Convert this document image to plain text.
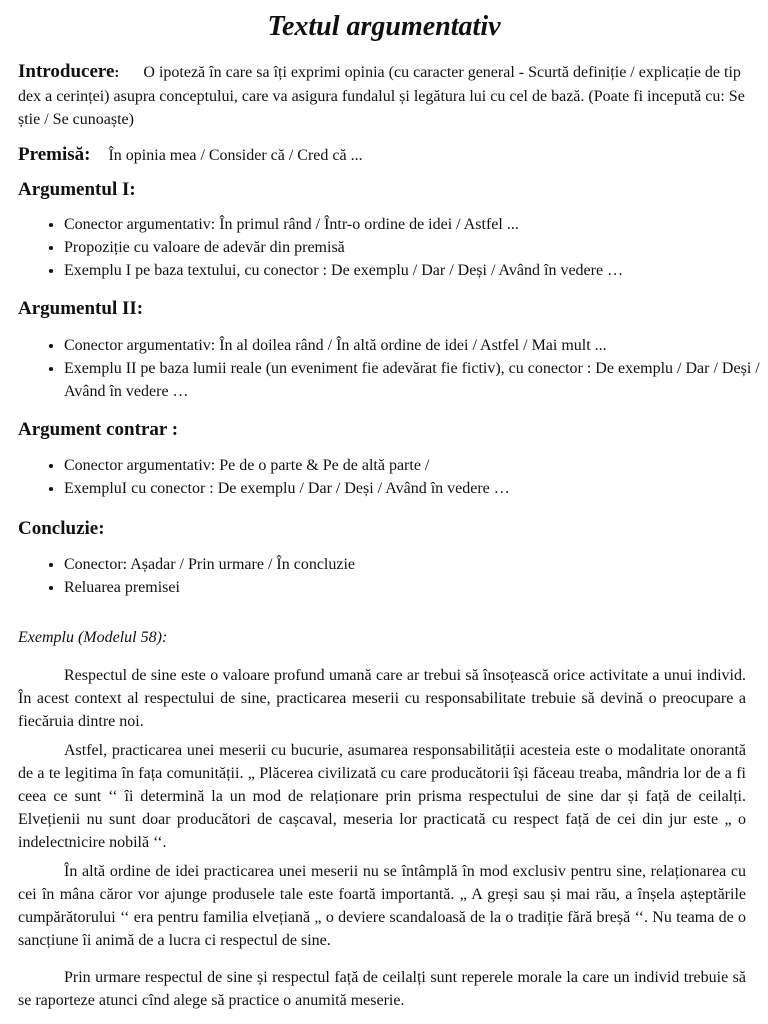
Textul argumentativ
Introducere: O ipoteză în care sa îți exprimi opinia (cu caracter general - Scurtă definiție / explicație de tip dex a cerinței) asupra conceptului, care va asigura fundalul și legătura lui cu cel de bază. (Poate fi inceputǎ cu: Se știe / Se cunoaște)
Premisă: În opinia mea / Consider că / Cred că ...
Argumentul I:
• Conector argumentativ: În primul rând / Într-o ordine de idei / Astfel ...
• Propoziție cu valoare de adevăr din premisă
• Exemplu I pe baza textului, cu conector : De exemplu / Dar / Deși / Având în vedere …
Argumentul II:
• Conector argumentativ: În al doilea rând / În altă ordine de idei / Astfel / Mai mult ...
• Exemplu II pe baza lumii reale (un eveniment fie adevărat fie fictiv), cu conector : De exemplu / Dar / Deși / Având în vedere …
Argument contrar :
• Conector argumentativ: Pe de o parte & Pe de altă parte /
• ExempluI cu conector : De exemplu / Dar / Deși / Având în vedere …
Concluzie:
• Conector: Așadar / Prin urmare / În concluzie
• Reluarea premisei
Exemplu (Modelul 58):

Respectul de sine este o valoare profund umană care ar trebui să însoțească orice activitate a unui individ. În acest context al respectului de sine, practicarea meserii cu responsabilitate trebuie să devină o preocupare a fiecăruia dintre noi.

Astfel, practicarea unei meserii cu bucurie, asumarea responsabilității acesteia este o modalitate onorantă de a te legitima în fața comunității. „ Plăcerea civilizată cu care producătorii își făceau treaba, mândria lor de a fi ceea ce sunt ‘‘ îi determină la un mod de relaționare prin prisma respectului de sine dar și față de ceilalți. Elvețienii nu sunt doar producători de cașcaval, meseria lor practicată cu respect față de cei din jur este „ o indelectnicire nobilă ‘‘.

În altă ordine de idei practicarea unei meserii nu se întâmplă în mod exclusiv pentru sine, relaționarea cu cei în mâna căror vor ajunge produsele tale este foartă importantă. „ A greși sau și mai rău, a înșela așteptările cumpărătorului ‘‘ era pentru familia elvețiană „ o deviere scandaloasă de la o tradiție fără breșă ‘‘. Nu teama de o sancțiune îi animă de a lucra ci respectul de sine.

Prin urmare respectul de sine și respectul față de ceilalți sunt reperele morale la care un individ trebuie să se raporteze atunci cînd alege să practice o anumită meserie.
